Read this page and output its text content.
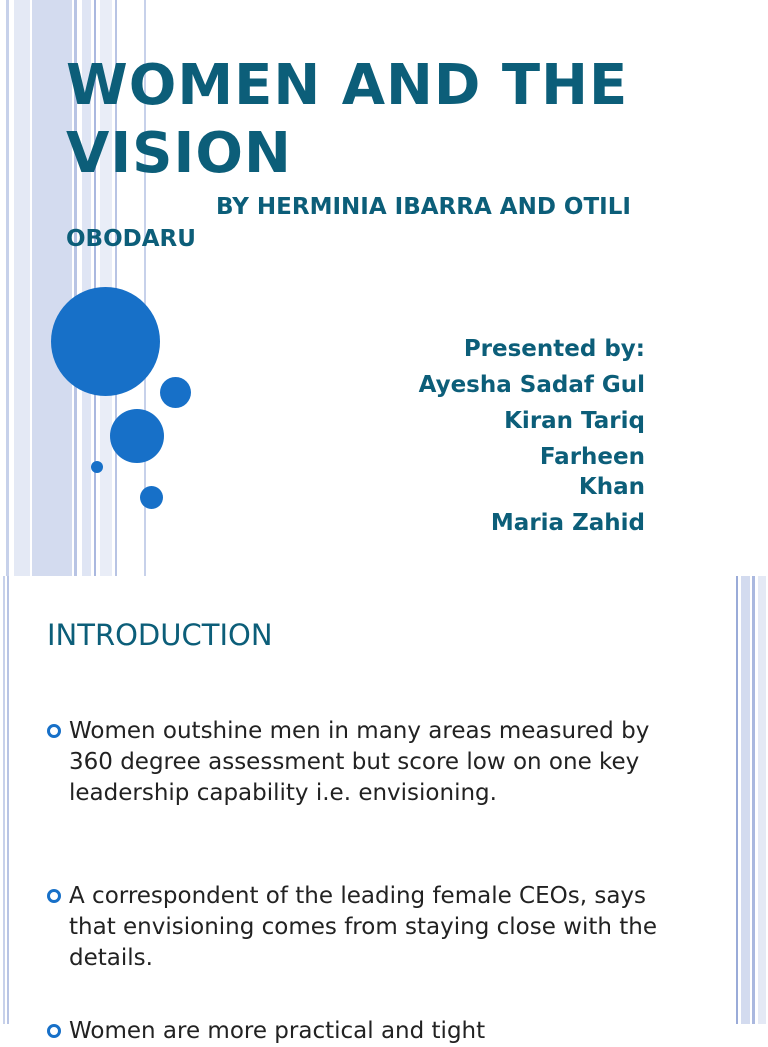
WOMEN AND THE VISION

BY HERMINIA IBARRA AND OTILI OBODARU

Presented by:
Ayesha Sadaf Gul
Kiran Tariq
Farheen Khan
Maria Zahid
INTRODUCTION

Women outshine men in many areas measured by 360 degree assessment but score low on one key leadership capability i.e. envisioning.

A correspondent of the leading female CEOs, says that envisioning comes from staying close with the details.

Women are more practical and tight
